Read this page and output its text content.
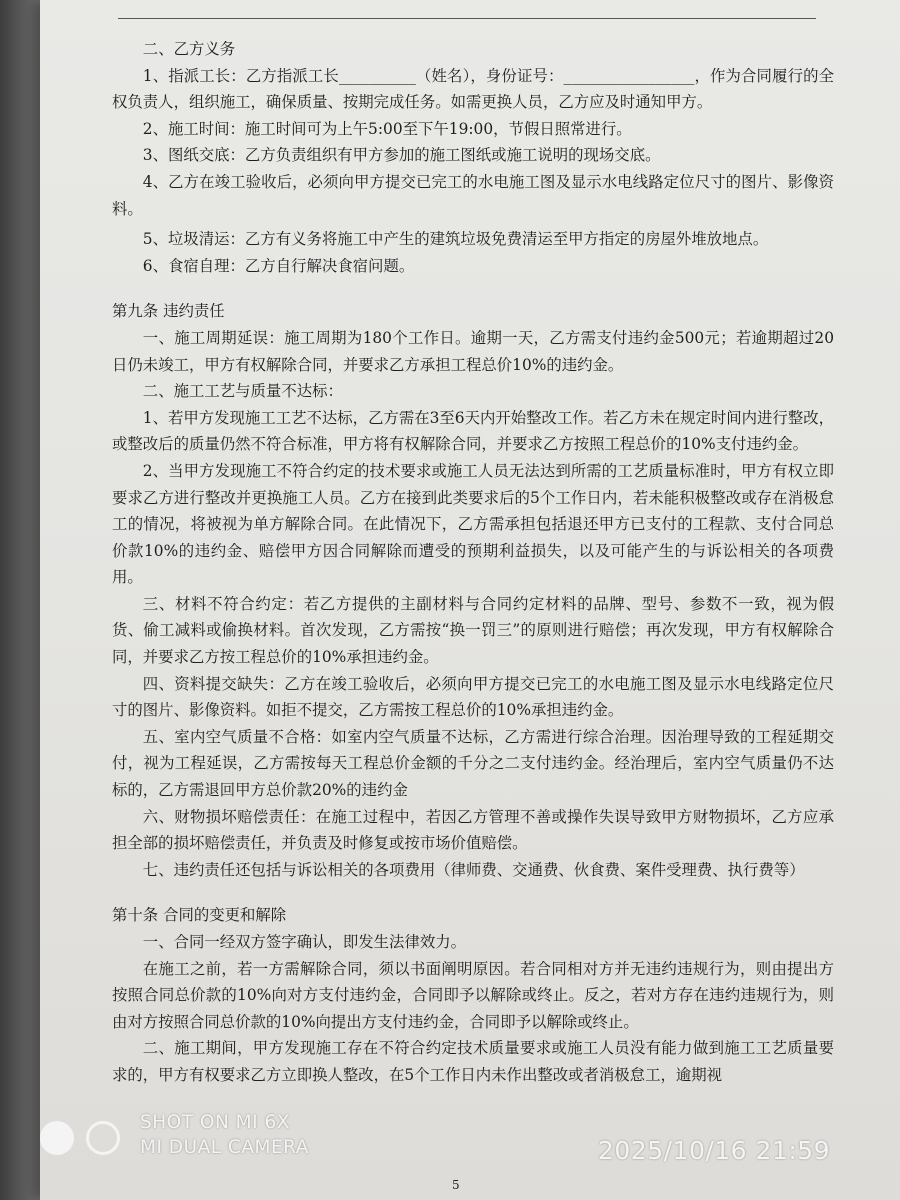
二、乙方义务

1、指派工长：乙方指派工长__________（姓名），身份证号：_________________，作为合同履行的全权负责人，组织施工，确保质量、按期完成任务。如需更换人员，乙方应及时通知甲方。

2、施工时间：施工时间可为上午5:00至下午19:00，节假日照常进行。

3、图纸交底：乙方负责组织有甲方参加的施工图纸或施工说明的现场交底。

4、乙方在竣工验收后，必须向甲方提交已完工的水电施工图及显示水电线路定位尺寸的图片、影像资料。

5、垃圾清运：乙方有义务将施工中产生的建筑垃圾免费清运至甲方指定的房屋外堆放地点。

6、食宿自理：乙方自行解决食宿问题。

第九条 违约责任

一、施工周期延误：施工周期为180个工作日。逾期一天，乙方需支付违约金500元；若逾期超过20日仍未竣工，甲方有权解除合同，并要求乙方承担工程总价10%的违约金。

二、施工工艺与质量不达标：

1、若甲方发现施工工艺不达标，乙方需在3至6天内开始整改工作。若乙方未在规定时间内进行整改，或整改后的质量仍然不符合标准，甲方将有权解除合同，并要求乙方按照工程总价的10%支付违约金。

2、当甲方发现施工不符合约定的技术要求或施工人员无法达到所需的工艺质量标准时，甲方有权立即要求乙方进行整改并更换施工人员。乙方在接到此类要求后的5个工作日内，若未能积极整改或存在消极怠工的情况，将被视为单方解除合同。在此情况下，乙方需承担包括退还甲方已支付的工程款、支付合同总价款10%的违约金、赔偿甲方因合同解除而遭受的预期利益损失，以及可能产生的与诉讼相关的各项费用。

三、材料不符合约定：若乙方提供的主副材料与合同约定材料的品牌、型号、参数不一致，视为假货、偷工减料或偷换材料。首次发现，乙方需按“换一罚三”的原则进行赔偿；再次发现，甲方有权解除合同，并要求乙方按工程总价的10%承担违约金。

四、资料提交缺失：乙方在竣工验收后，必须向甲方提交已完工的水电施工图及显示水电线路定位尺寸的图片、影像资料。如拒不提交，乙方需按工程总价的10%承担违约金。

五、室内空气质量不合格：如室内空气质量不达标，乙方需进行综合治理。因治理导致的工程延期交付，视为工程延误，乙方需按每天工程总价金额的千分之二支付违约金。经治理后，室内空气质量仍不达标的，乙方需退回甲方总价款20%的违约金

六、财物损坏赔偿责任：在施工过程中，若因乙方管理不善或操作失误导致甲方财物损坏，乙方应承担全部的损坏赔偿责任，并负责及时修复或按市场价值赔偿。

七、违约责任还包括与诉讼相关的各项费用（律师费、交通费、伙食费、案件受理费、执行费等）

第十条 合同的变更和解除

一、合同一经双方签字确认，即发生法律效力。

在施工之前，若一方需解除合同，须以书面阐明原因。若合同相对方并无违约违规行为，则由提出方按照合同总价款的10%向对方支付违约金，合同即予以解除或终止。反之，若对方存在违约违规行为，则由对方按照合同总价款的10%向提出方支付违约金，合同即予以解除或终止。

二、施工期间，甲方发现施工存在不符合约定技术质量要求或施工人员没有能力做到施工工艺质量要求的，甲方有权要求乙方立即换人整改，在5个工作日内未作出整改或者消极怠工，逾期视

SHOT ON MI 6X
MI DUAL CAMERA	2025/10/16 21:59
5
